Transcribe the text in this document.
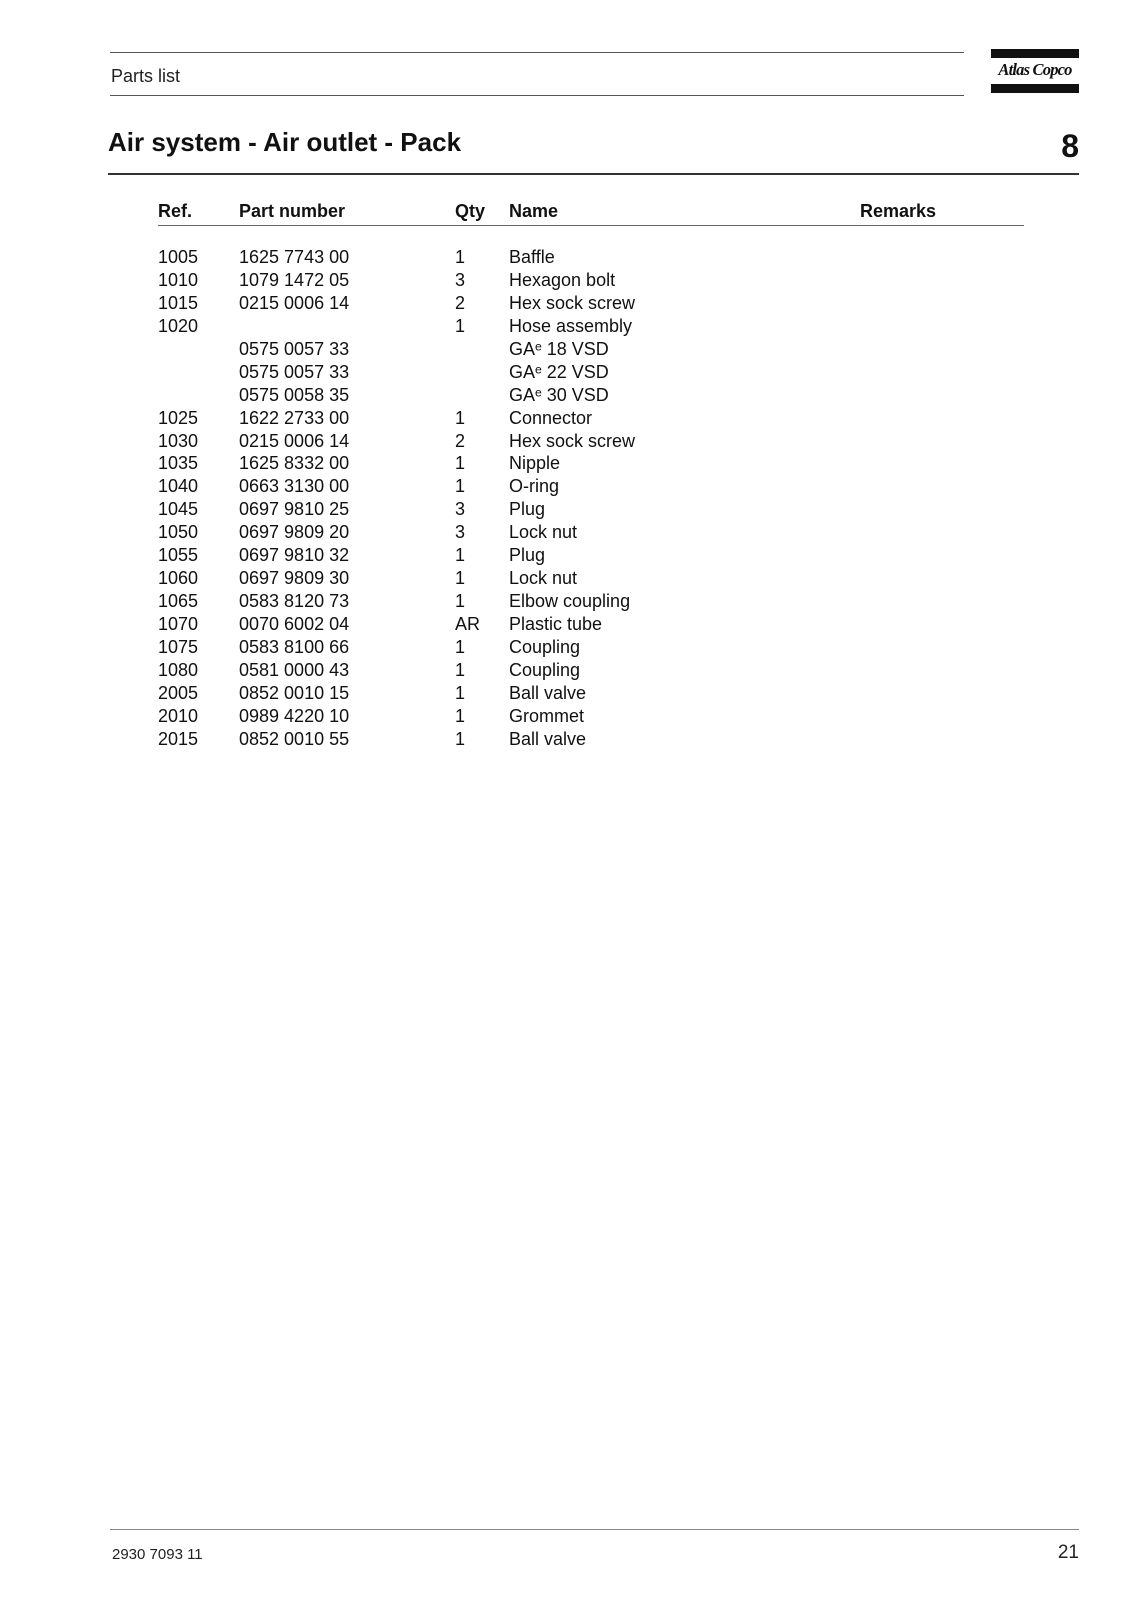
Parts list	Atlas Copco
Air system - Air outlet - Pack	8
Ref.	Part number	Qty Name	Remarks
1005 1625 7743 00	1 Baffle
1010 1079 1472 05	3 Hexagon bolt
1015 0215 0006 14	2 Hex sock screw
1020	1 Hose assembly
0575 0057 33	GAᵉ 18 VSD
0575 0057 33	GAᵉ 22 VSD
0575 0058 35	GAᵉ 30 VSD
1025 1622 2733 00	1 Connector
1030 0215 0006 14	2 Hex sock screw
1035 1625 8332 00	1 Nipple
1040 0663 3130 00	1 O-ring
1045 0697 9810 25	3 Plug
1050 0697 9809 20	3 Lock nut
1055 0697 9810 32	1 Plug
1060 0697 9809 30	1 Lock nut
1065 0583 8120 73	1 Elbow coupling
1070 0070 6002 04	AR Plastic tube
1075 0583 8100 66	1 Coupling
1080 0581 0000 43	1 Coupling
2005 0852 0010 15	1 Ball valve
2010 0989 4220 10	1 Grommet
2015 0852 0010 55	1 Ball valve
2930 7093 11	21
